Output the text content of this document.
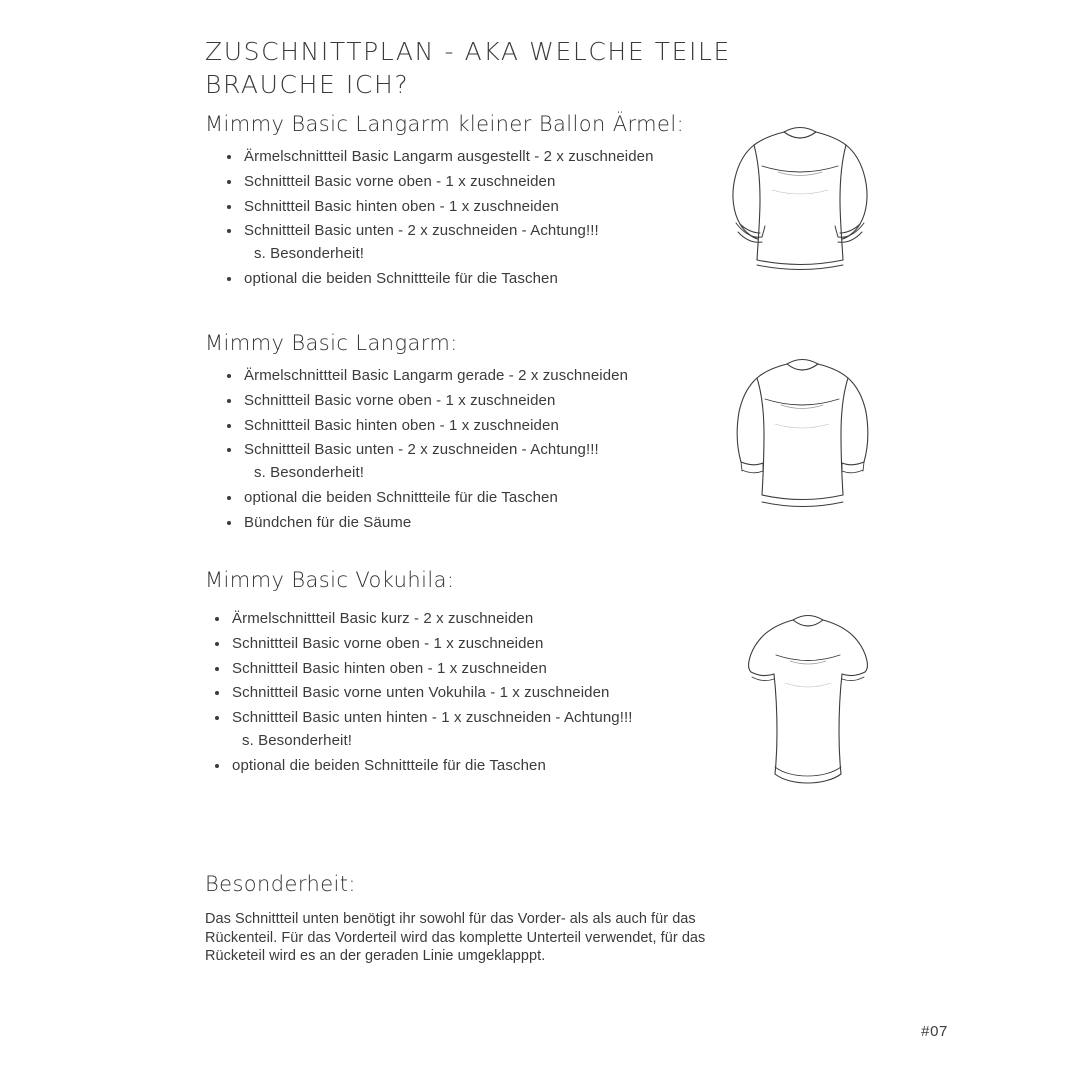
ZUSCHNITTPLAN - AKA WELCHE TEILE BRAUCHE ICH?
Mimmy Basic Langarm kleiner Ballon Ärmel:
Ärmelschnittteil Basic Langarm ausgestellt - 2 x zuschneiden
Schnittteil Basic vorne oben - 1 x zuschneiden
Schnittteil Basic hinten oben - 1 x zuschneiden
Schnittteil Basic unten - 2 x zuschneiden - Achtung!!!
s. Besonderheit!
optional die beiden Schnittteile für die Taschen
Mimmy Basic Langarm:
Ärmelschnittteil Basic Langarm gerade - 2 x zuschneiden
Schnittteil Basic vorne oben - 1 x zuschneiden
Schnittteil Basic hinten oben - 1 x zuschneiden
Schnittteil Basic unten - 2 x zuschneiden - Achtung!!!
s. Besonderheit!
optional die beiden Schnittteile für die Taschen
Bündchen für die Säume
Mimmy Basic Vokuhila:
Ärmelschnittteil Basic kurz - 2 x zuschneiden
Schnittteil Basic vorne oben - 1 x zuschneiden
Schnittteil Basic hinten oben - 1 x zuschneiden
Schnittteil Basic vorne unten Vokuhila - 1 x zuschneiden
Schnittteil Basic unten hinten - 1 x zuschneiden - Achtung!!!
s. Besonderheit!
optional die beiden Schnittteile für die Taschen
Besonderheit:

Das Schnittteil unten benötigt ihr sowohl für das Vorder- als als auch für das Rückenteil. Für das Vorderteil wird das komplette Unterteil verwendet, für das Rücketeil wird es an der geraden Linie umgeklapppt.

#07
